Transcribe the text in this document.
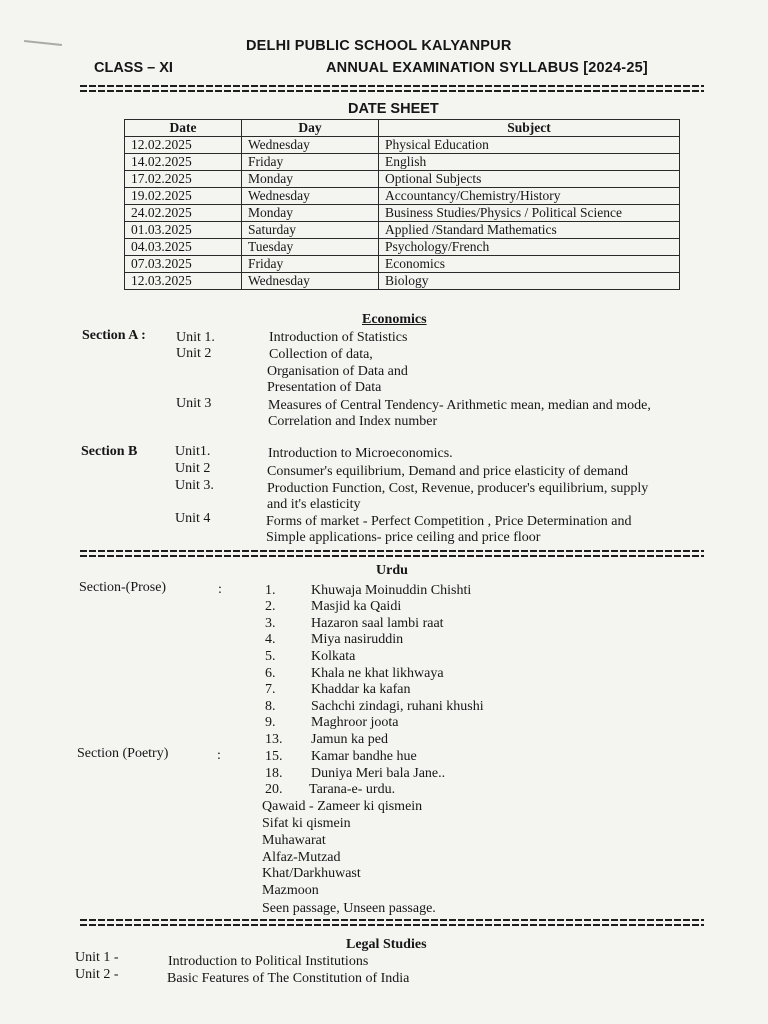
DELHI PUBLIC SCHOOL KALYANPUR
CLASS – XI	ANNUAL EXAMINATION SYLLABUS [2024-25]
DATE SHEET
Date	Day	Subject
12.02.2025	Wednesday	Physical Education
14.02.2025	Friday	English
17.02.2025	Monday	Optional Subjects
19.02.2025	Wednesday	Accountancy/Chemistry/History
24.02.2025	Monday	Business Studies/Physics / Political Science
01.03.2025	Saturday	Applied /Standard Mathematics
04.03.2025	Tuesday	Psychology/French
07.03.2025	Friday	Economics
12.03.2025	Wednesday	Biology
Economics
Section A : Unit 1.	Introduction of Statistics
Unit 2	Collection of data,
Organisation of Data and
Presentation of Data
Unit 3	Measures of Central Tendency- Arithmetic mean, median and mode,
Correlation and Index number
Section B	Unit1.	Introduction to Microeconomics.
Unit 2	Consumer's equilibrium, Demand and price elasticity of demand
Unit 3.	Production Function, Cost, Revenue, producer's equilibrium, supply
and it's elasticity
Unit 4	Forms of market - Perfect Competition , Price Determination and
Simple applications- price ceiling and price floor
Urdu
Section-(Prose)	:	1.	Khuwaja Moinuddin Chishti
2.	Masjid ka Qaidi
3.	Hazaron saal lambi raat
4.	Miya nasiruddin
5.	Kolkata
6.	Khala ne khat likhwaya
7.	Khaddar ka kafan
8.	Sachchi zindagi, ruhani khushi
9.	Maghroor joota
13. Jamun ka ped
Section (Poetry)	:	15. Kamar bandhe hue
18. Duniya Meri bala Jane..
20. Tarana-e- urdu.
Qawaid - Zameer ki qismein
Sifat ki qismein
Muhawarat
Alfaz-Mutzad
Khat/Darkhuwast
Mazmoon
Seen passage, Unseen passage.
Legal Studies
Unit 1 -	Introduction to Political Institutions
Unit 2 -	Basic Features of The Constitution of India
